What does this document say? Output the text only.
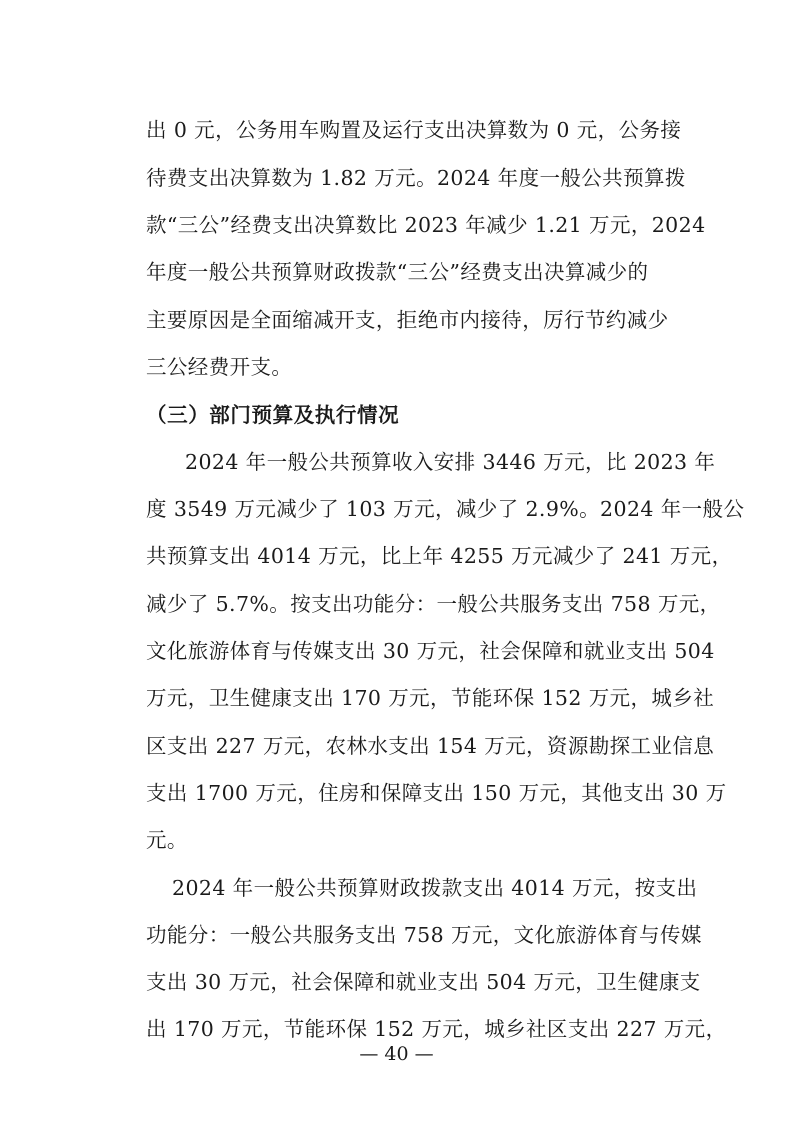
出 0 元，公务用车购置及运行支出决算数为 0 元，公务接
待费支出决算数为 1.82 万元。2024 年度一般公共预算拨
款“三公”经费支出决算数比 2023 年减少 1.21 万元，2024
年度一般公共预算财政拨款“三公”经费支出决算减少的
主要原因是全面缩减开支，拒绝市内接待，厉行节约减少
三公经费开支。
（三）部门预算及执行情况
2024 年一般公共预算收入安排 3446 万元，比 2023 年
度 3549 万元减少了 103 万元，减少了 2.9%。2024 年一般公
共预算支出 4014 万元，比上年 4255 万元减少了 241 万元，
减少了 5.7%。按支出功能分：一般公共服务支出 758 万元，
文化旅游体育与传媒支出 30 万元，社会保障和就业支出 504
万元，卫生健康支出 170 万元，节能环保 152 万元，城乡社
区支出 227 万元，农林水支出 154 万元，资源勘探工业信息
支出 1700 万元，住房和保障支出 150 万元，其他支出 30 万
元。
2024 年一般公共预算财政拨款支出 4014 万元，按支出
功能分：一般公共服务支出 758 万元，文化旅游体育与传媒
支出 30 万元，社会保障和就业支出 504 万元，卫生健康支
出 170 万元，节能环保 152 万元，城乡社区支出 227 万元，
— 40 —
